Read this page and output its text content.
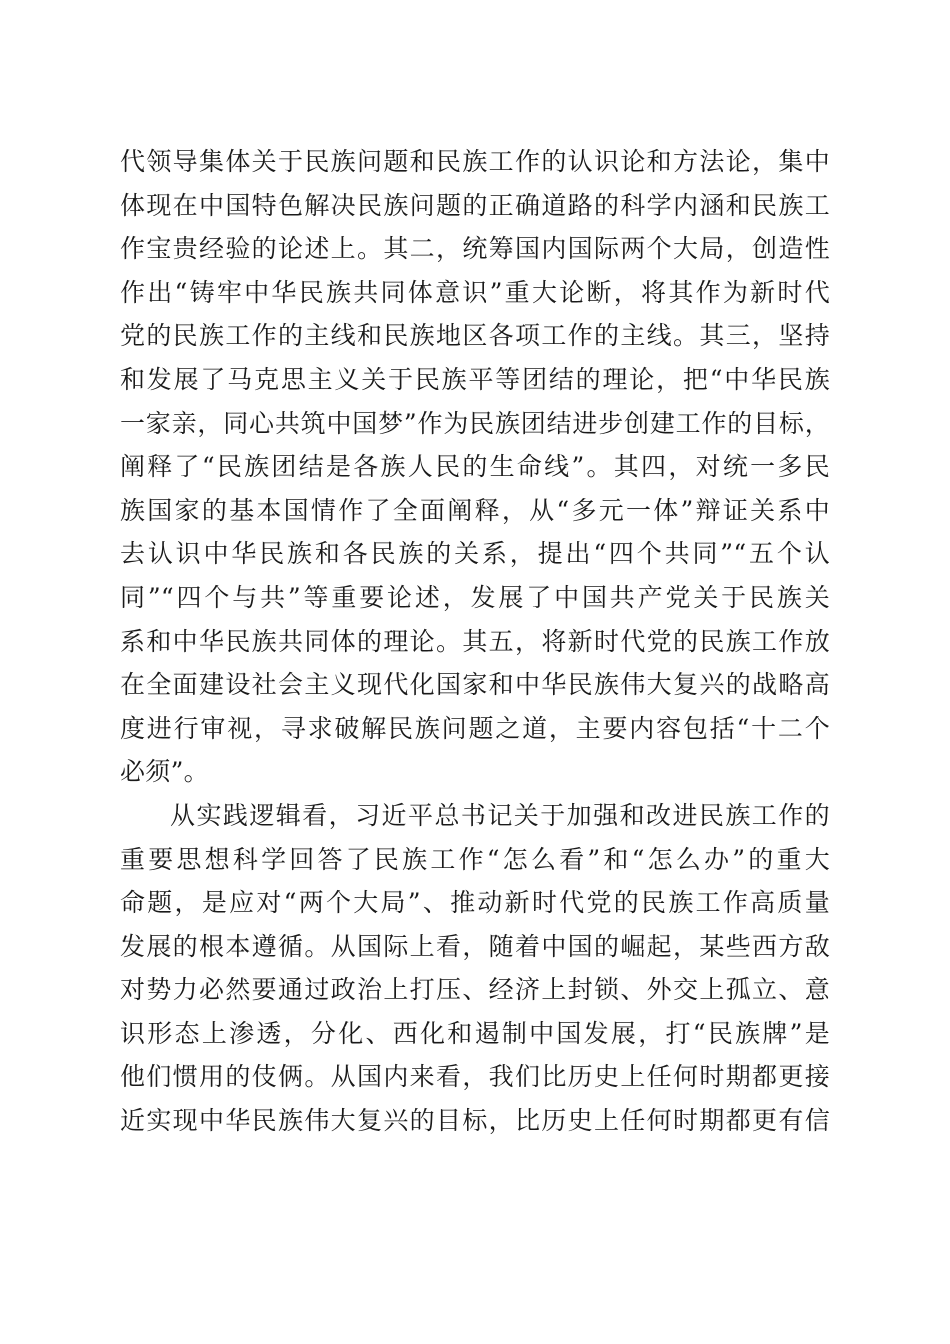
代领导集体关于民族问题和民族工作的认识论和方法论，集中
体现在中国特色解决民族问题的正确道路的科学内涵和民族工
作宝贵经验的论述上。其二，统筹国内国际两个大局，创造性
作出“铸牢中华民族共同体意识”重大论断，将其作为新时代
党的民族工作的主线和民族地区各项工作的主线。其三，坚持
和发展了马克思主义关于民族平等团结的理论，把“中华民族
一家亲，同心共筑中国梦”作为民族团结进步创建工作的目标，
阐释了“民族团结是各族人民的生命线”。其四，对统一多民
族国家的基本国情作了全面阐释，从“多元一体”辩证关系中
去认识中华民族和各民族的关系，提出“四个共同”“五个认
同”“四个与共”等重要论述，发展了中国共产党关于民族关
系和中华民族共同体的理论。其五，将新时代党的民族工作放
在全面建设社会主义现代化国家和中华民族伟大复兴的战略高
度进行审视，寻求破解民族问题之道，主要内容包括“十二个
必须”。
从实践逻辑看，习近平总书记关于加强和改进民族工作的
重要思想科学回答了民族工作“怎么看”和“怎么办”的重大
命题，是应对“两个大局”、推动新时代党的民族工作高质量
发展的根本遵循。从国际上看，随着中国的崛起，某些西方敌
对势力必然要通过政治上打压、经济上封锁、外交上孤立、意
识形态上渗透，分化、西化和遏制中国发展，打“民族牌”是
他们惯用的伎俩。从国内来看，我们比历史上任何时期都更接
近实现中华民族伟大复兴的目标，比历史上任何时期都更有信
